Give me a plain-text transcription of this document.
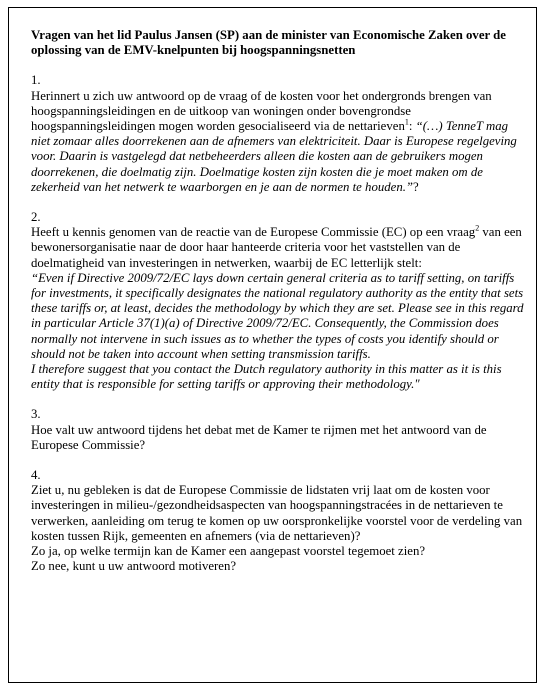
Vragen van het lid Paulus Jansen (SP) aan de minister van Economische Zaken over de oplossing van de EMV-knelpunten bij hoogspanningsnetten

1.

Herinnert u zich uw antwoord op de vraag of de kosten voor het ondergronds brengen van hoogspanningsleidingen en de uitkoop van woningen onder bovengrondse hoogspanningsleidingen mogen worden gesocialiseerd via de nettarieven$^1$: “(…) TenneT mag niet zomaar alles doorrekenen aan de afnemers van elektriciteit. Daar is Europese regelgeving voor. Daarin is vastgelegd dat netbeheerders alleen die kosten aan de gebruikers mogen doorrekenen, die doelmatig zijn. Doelmatige kosten zijn kosten die je moet maken om de zekerheid van het netwerk te waarborgen en je aan de normen te houden.”?

2.

Heeft u kennis genomen van de reactie van de Europese Commissie (EC) op een vraag$^2$ van een bewonersorganisatie naar de door haar hanteerde criteria voor het vaststellen van de doelmatigheid van investeringen in netwerken, waarbij de EC letterlijk stelt:

“Even if Directive 2009/72/EC lays down certain general criteria as to tariff setting, on tariffs for investments, it specifically designates the national regulatory authority as the entity that sets these tariffs or, at least, decides the methodology by which they are set. Please see in this regard in particular Article 37(1)(a) of Directive 2009/72/EC. Consequently, the Commission does normally not intervene in such issues as to whether the types of costs you identify should or should not be taken into account when setting transmission tariffs.

I therefore suggest that you contact the Dutch regulatory authority in this matter as it is this entity that is responsible for setting tariffs or approving their methodology."

3.

Hoe valt uw antwoord tijdens het debat met de Kamer te rijmen met het antwoord van de Europese Commissie?

4.

Ziet u, nu gebleken is dat de Europese Commissie de lidstaten vrij laat om de kosten voor investeringen in milieu-/gezondheidsaspecten van hoogspanningstracées in de nettarieven te verwerken, aanleiding om terug te komen op uw oorspronkelijke voorstel voor de verdeling van kosten tussen Rijk, gemeenten en afnemers (via de nettarieven)?

Zo ja, op welke termijn kan de Kamer een aangepast voorstel tegemoet zien?

Zo nee, kunt u uw antwoord motiveren?
